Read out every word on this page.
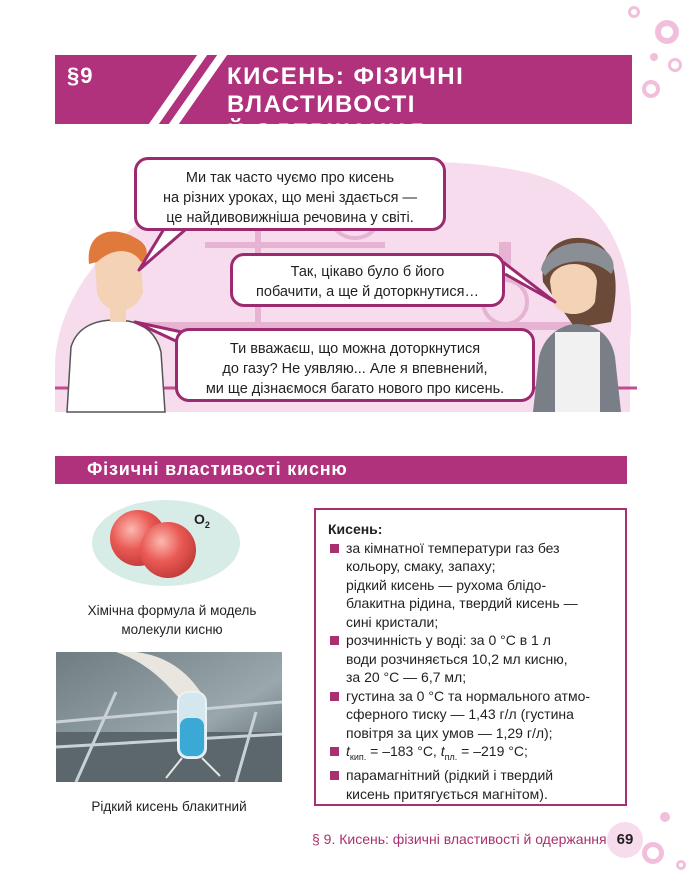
§9	КИСЕНЬ: ФІЗИЧНІ ВЛАСТИВОСТІ
Й ОДЕРЖАННЯ
Ми так часто чуємо про кисень
на різних уроках, що мені здається —
це найдивовижніша речовина у світі.
Так, цікаво було б його
побачити, а ще й доторкнутися…
Ти вважаєш, що можна доторкнутися
до газу? Не уявляю... Але я впевнений,
ми ще дізнаємося багато нового про кисень.
Фізичні властивості кисню
$O_2$
Хімічна формула й модель
молекули кисню
Рідкий кисень блакитний
Кисень:
за кімнатної температури газ без
кольору, смаку, запаху;
рідкий кисень — рухома блідо-
блакитна рідина, твердий кисень —
сині кристали;
розчинність у воді: за 0 °C в 1 л
води розчиняється 10,2 мл кисню,
за 20 °C — 6,7 мл;
густина за 0 °C та нормального атмо-
сферного тиску — 1,43 г/л (густина
повітря за цих умов — 1,29 г/л);
$t_{кип.} = -183$ °C, $t_{пл.} = -219$ °C;
парамагнітний (рідкий і твердий
кисень притягується магнітом).
§ 9. Кисень: фізичні властивості й одержання 69
